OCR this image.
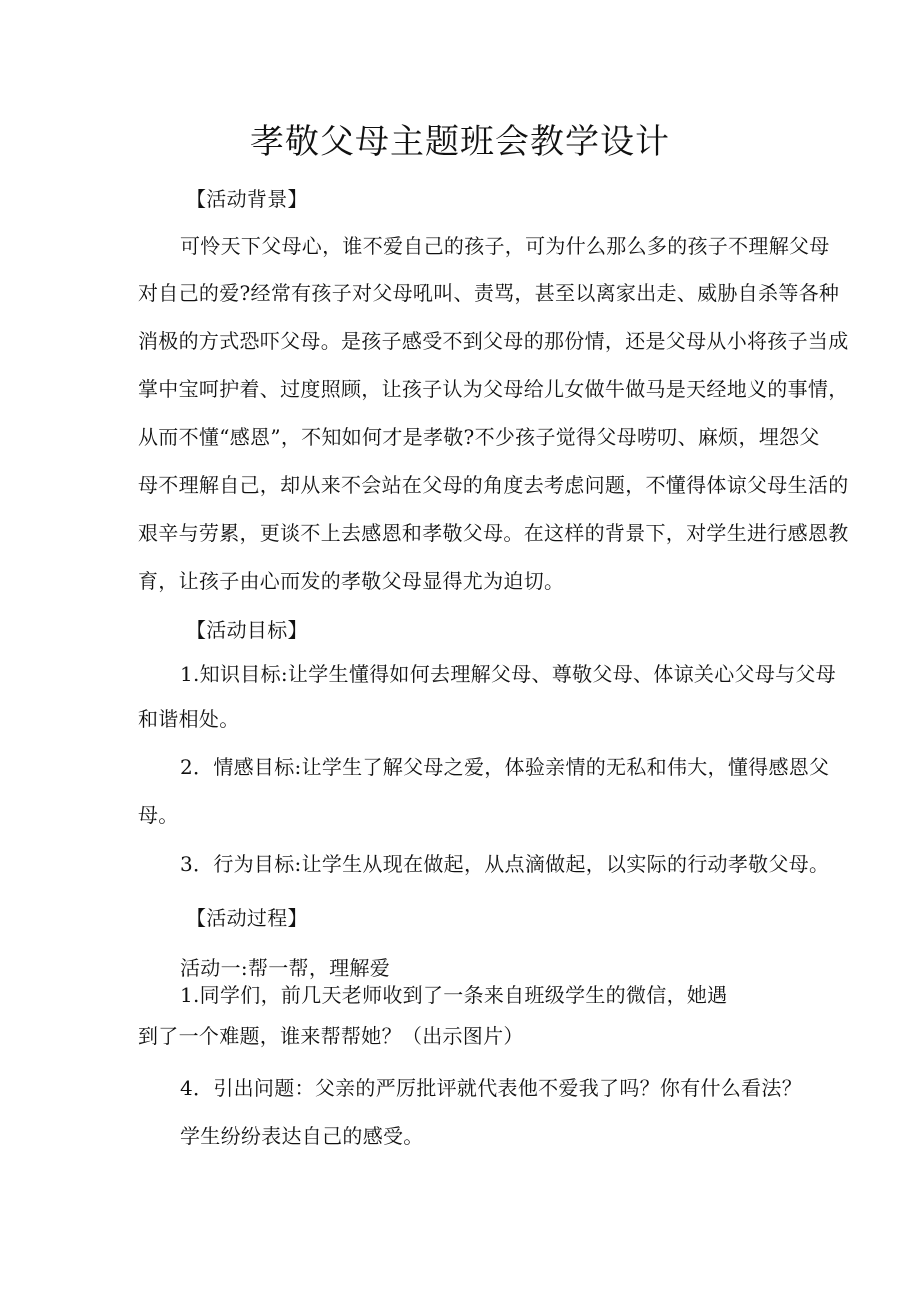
孝敬父母主题班会教学设计

【活动背景】

可怜天下父母心，谁不爱自己的孩子，可为什么那么多的孩子不理解父母

对自己的爱?经常有孩子对父母吼叫、责骂，甚至以离家出走、威胁自杀等各种

消极的方式恐吓父母。是孩子感受不到父母的那份情，还是父母从小将孩子当成

掌中宝呵护着、过度照顾，让孩子认为父母给儿女做牛做马是天经地义的事情，

从而不懂“感恩”，不知如何才是孝敬?不少孩子觉得父母唠叨、麻烦，埋怨父

母不理解自己，却从来不会站在父母的角度去考虑问题，不懂得体谅父母生活的

艰辛与劳累，更谈不上去感恩和孝敬父母。在这样的背景下，对学生进行感恩教

育，让孩子由心而发的孝敬父母显得尤为迫切。

【活动目标】

1.知识目标:让学生懂得如何去理解父母、尊敬父母、体谅关心父母与父母

和谐相处。

2．情感目标:让学生了解父母之爱，体验亲情的无私和伟大，懂得感恩父

母。

3．行为目标:让学生从现在做起，从点滴做起，以实际的行动孝敬父母。

【活动过程】

活动一:帮一帮，理解爱

1.同学们，前几天老师收到了一条来自班级学生的微信，她遇

到了一个难题，谁来帮帮她？（出示图片）

4．引出问题：父亲的严厉批评就代表他不爱我了吗？你有什么看法？

学生纷纷表达自己的感受。
